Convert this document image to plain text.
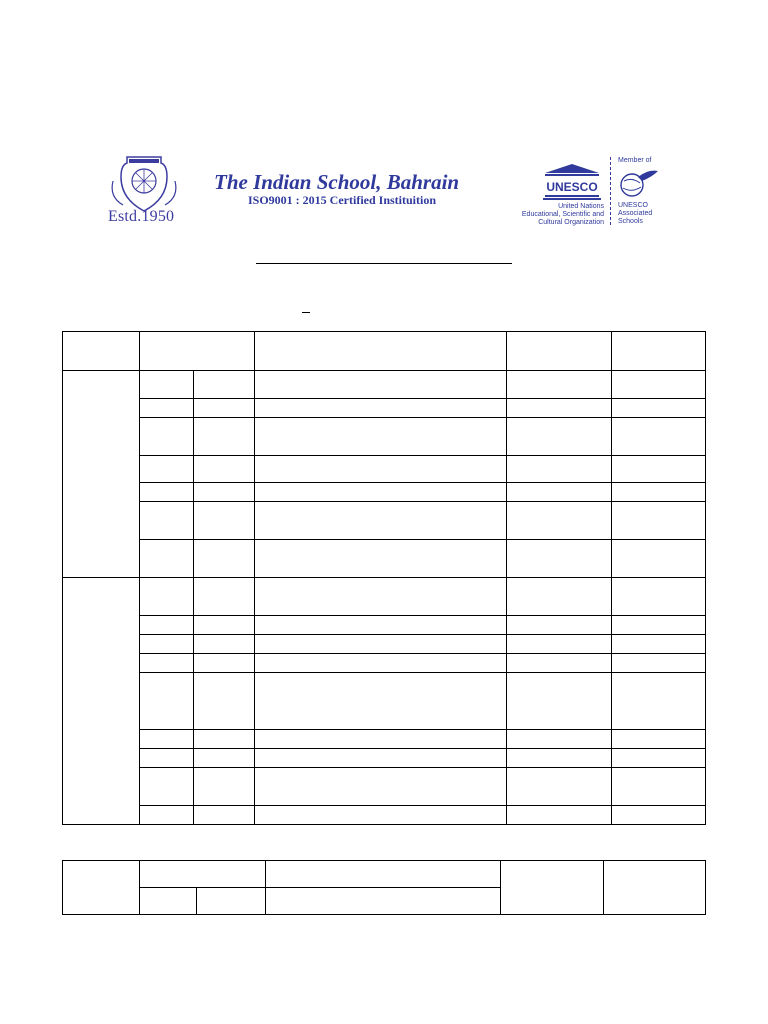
Estd.1950
The Indian School, Bahrain
ISO9001 : 2015 Certified Instituition
UNESCO
United Nations
Educational, Scientific and
Cultural Organization
Member of
UNESCO
Associated
Schools
